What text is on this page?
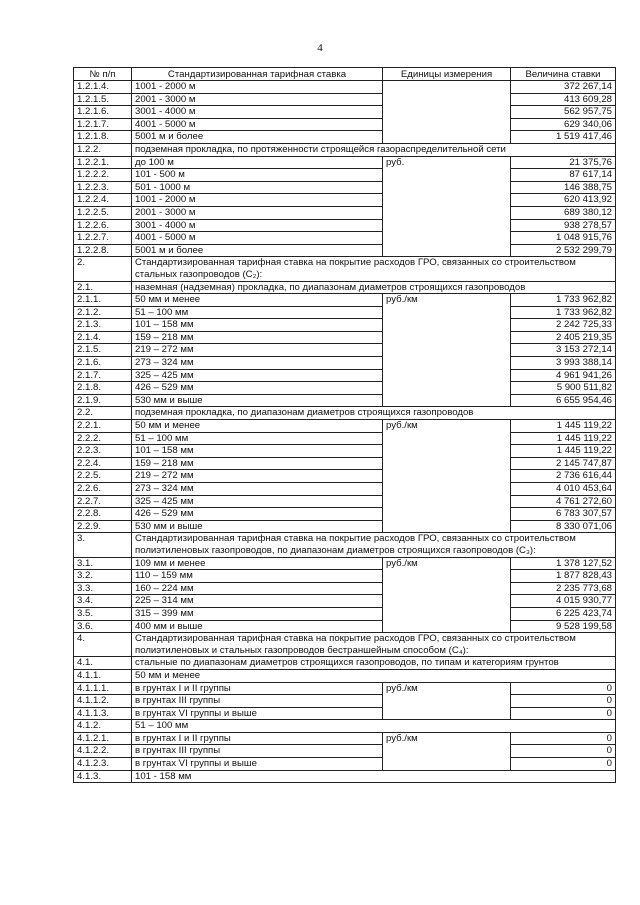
4
№ п/п	Стандартизированная тарифная ставка	Единицы измерения	Величина ставки
1.2.1.4.	1001 - 2000 м		372 267,14
1.2.1.5.	2001 - 3000 м		413 609,28
1.2.1.6.	3001 - 4000 м		562 957,75
1.2.1.7.	4001 - 5000 м		629 340,06
1.2.1.8.	5001 м и более		1 519 417,46
1.2.2.	подземная прокладка, по протяженности строящейся газораспределительной сети		
1.2.2.1.	до 100 м	руб.	21 375,76
1.2.2.2.	101 - 500 м		87 617,14
1.2.2.3.	501 - 1000 м		146 388,75
1.2.2.4.	1001 - 2000 м		620 413,92
1.2.2.5.	2001 - 3000 м		689 380,12
1.2.2.6.	3001 - 4000 м		938 278,57
1.2.2.7.	4001 - 5000 м		1 048 915,76
1.2.2.8.	5001 м и более		2 532 299,79
2.	Стандартизированная тарифная ставка на покрытие расходов ГРО, связанных со строительством стальных газопроводов (С₂):		
2.1.	наземная (надземная) прокладка, по диапазонам диаметров строящихся газопроводов		
2.1.1.	50 мм и менее	руб./км	1 733 962,82
2.1.2.	51 – 100 мм		1 733 962,82
2.1.3.	101 – 158 мм		2 242 725,33
2.1.4.	159 – 218 мм		2 405 219,35
2.1.5.	219 – 272 мм		3 153 272,14
2.1.6.	273 – 324 мм		3 993 388,14
2.1.7.	325 – 425 мм		4 961 941,26
2.1.8.	426 – 529 мм		5 900 511,82
2.1.9.	530 мм и выше		6 655 954,46
2.2.	подземная прокладка, по диапазонам диаметров строящихся газопроводов		
2.2.1.	50 мм и менее	руб./км	1 445 119,22
2.2.2.	51 – 100 мм		1 445 119,22
2.2.3.	101 – 158 мм		1 445 119,22
2.2.4.	159 – 218 мм		2 145 747,87
2.2.5.	219 – 272 мм		2 736 616,44
2.2.6.	273 – 324 мм		4 010 453,64
2.2.7.	325 – 425 мм		4 761 272,60
2.2.8.	426 – 529 мм		6 783 307,57
2.2.9.	530 мм и выше		8 330 071,06
3.	Стандартизированная тарифная ставка на покрытие расходов ГРО, связанных со строительством полиэтиленовых газопроводов, по диапазонам диаметров строящихся газопроводов (С₃):		
3.1.	109 мм и менее	руб./км	1 378 127,52
3.2.	110 – 159 мм		1 877 828,43
3.3.	160 – 224 мм		2 235 773,68
3.4.	225 – 314 мм		4 015 930,77
3.5.	315 – 399 мм		6 225 423,74
3.6.	400 мм и выше		9 528 199,58
4.	Стандартизированная тарифная ставка на покрытие расходов ГРО, связанных со строительством полиэтиленовых и стальных газопроводов бестраншейным способом (С₄):		
4.1.	стальные по диапазонам диаметров строящихся газопроводов, по типам и категориям грунтов		
4.1.1.	50 мм и менее		
4.1.1.1.	в грунтах I и II группы	руб./км	0
4.1.1.2.	в грунтах III группы		0
4.1.1.3.	в грунтах VI группы и выше		0
4.1.2.	51 – 100 мм		
4.1.2.1.	в грунтах I и II группы	руб./км	0
4.1.2.2.	в грунтах III группы		0
4.1.2.3.	в грунтах VI группы и выше		0
4.1.3.	101 - 158 мм		
